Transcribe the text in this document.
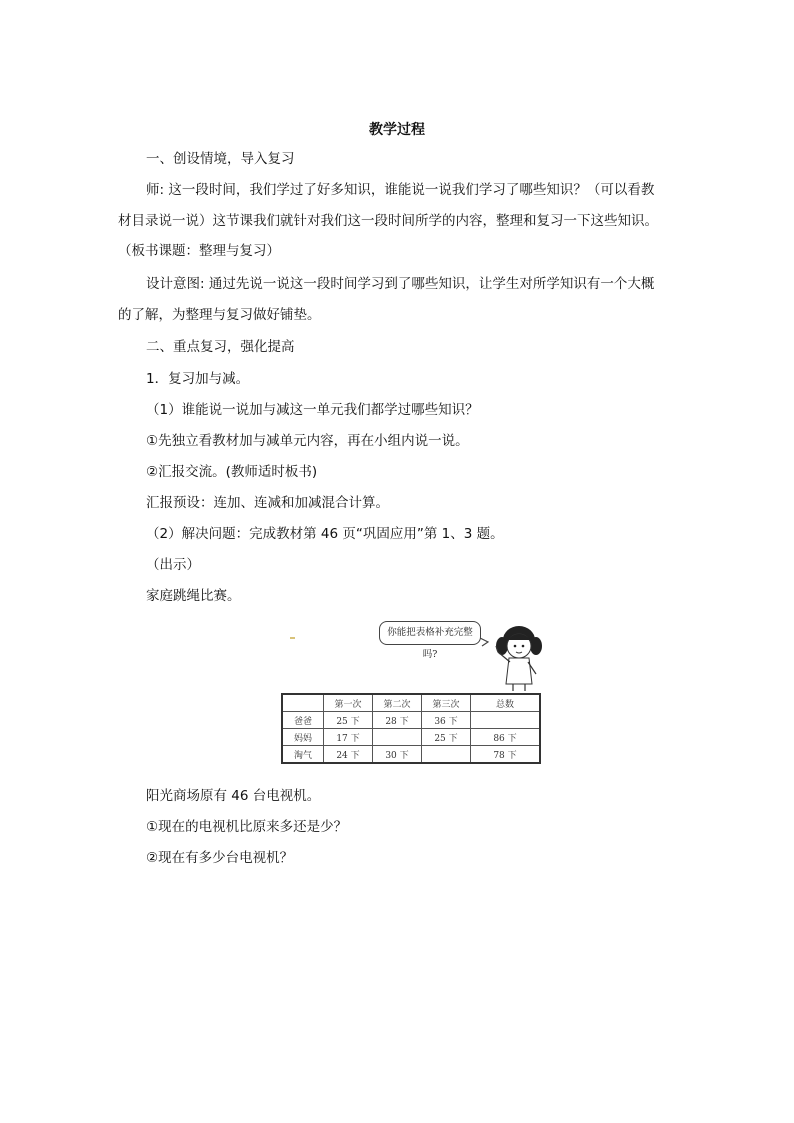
教学过程
一、创设情境，导入复习
师: 这一段时间，我们学过了好多知识，谁能说一说我们学习了哪些知识？（可以看教
材目录说一说）这节课我们就针对我们这一段时间所学的内容，整理和复习一下这些知识。
（板书课题：整理与复习）
设计意图: 通过先说一说这一段时间学习到了哪些知识，让学生对所学知识有一个大概
的了解，为整理与复习做好铺垫。
二、重点复习，强化提高
1．复习加与减。
（1）谁能说一说加与减这一单元我们都学过哪些知识？
①先独立看教材加与减单元内容，再在小组内说一说。
②汇报交流。(教师适时板书)
汇报预设：连加、连减和加减混合计算。
（2）解决问题：完成教材第 46 页“巩固应用”第 1、3 题。
（出示）
家庭跳绳比赛。
你能把表格补充完整吗?
	第一次	第二次	第三次	总数
爸爸	25 下	28 下	36 下	
妈妈	17 下		25 下	86 下
淘气	24 下	30 下		78 下
阳光商场原有 46 台电视机。
①现在的电视机比原来多还是少？
②现在有多少台电视机？
